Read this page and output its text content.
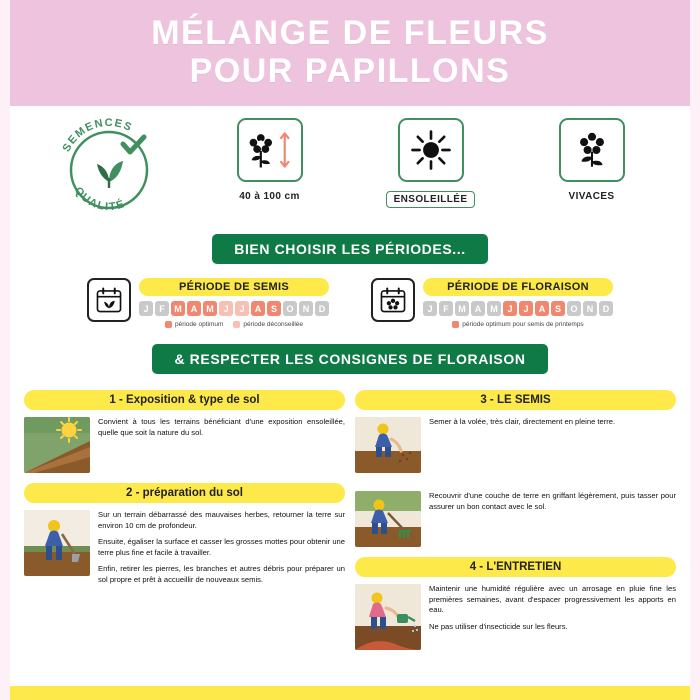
MÉLANGE DE FLEURS
POUR PAPILLONS
SEMENCES
QUALITÉ
40 à 100 cm	ENSOLEILLÉE	VIVACES
BIEN CHOISIR LES PÉRIODES...
PÉRIODE DE SEMIS
J	F	M	A	M	J	J	A	S	O	N	D
période optimum	période déconseillée
PÉRIODE DE FLORAISON
J	F	M	A	M	J	J	A	S	O	N	D
période optimum pour semis de printemps
& RESPECTER LES CONSIGNES DE FLORAISON
1 - Exposition & type de sol

Convient à tous les terrains bénéficiant d'une exposition ensoleillée, quelle que soit la nature du sol.

2 - préparation du sol

Sur un terrain débarrassé des mauvaises herbes, retourner la terre sur environ 10 cm de profondeur.

Ensuite, égaliser la surface et casser les grosses mottes pour obtenir une terre plus fine et facile à travailler.

Enfin, retirer les pierres, les branches et autres débris pour préparer un sol propre et prêt à accueillir de nouveaux semis.

3 - LE SEMIS

Semer à la volée, très clair, directement en pleine terre.

Recouvrir d'une couche de terre en griffant légèrement, puis tasser pour assurer un bon contact avec le sol.

4 - L'ENTRETIEN

Maintenir une humidité régulière avec un arrosage en pluie fine les premières semaines, avant d'espacer progressivement les apports en eau.

Ne pas utiliser d'insecticide sur les fleurs.
